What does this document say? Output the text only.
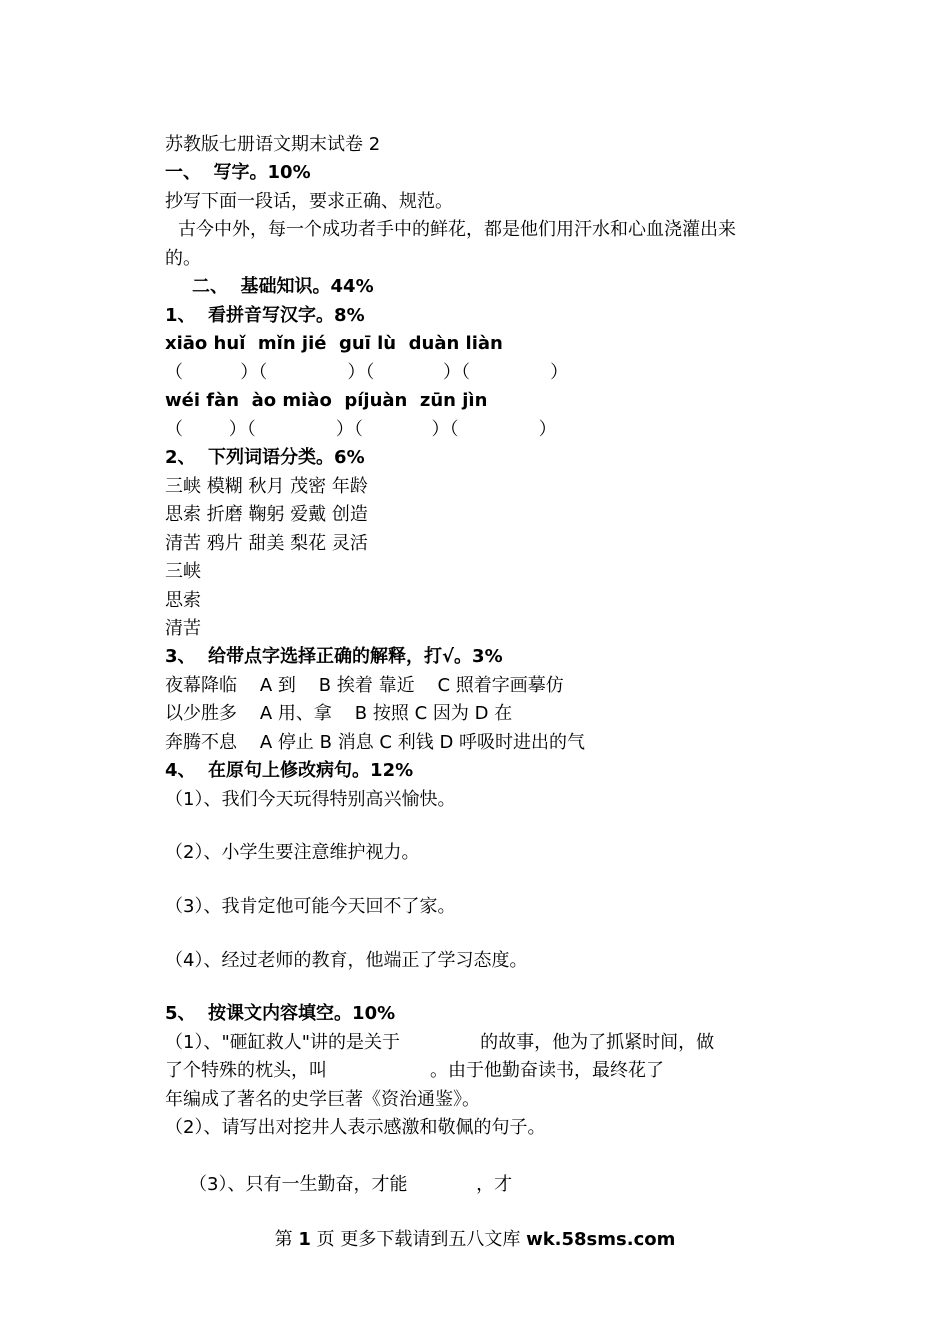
苏教版七册语文期末试卷 2

一、  写字。10%

抄写下面一段话，要求正确、规范。

古今中外，每一个成功者手中的鲜花，都是他们用汗水和心血浇灌出来

的。

二、  基础知识。44%

1、  看拼音写汉字。8%

xiāo huǐ  mǐn jié  guī lù  duàn liàn

（          ）（              ）（            ）（              ）

wéi fàn  ào miào  píjuàn  zūn jìn

（        ）（              ）（            ）（              ）

2、  下列词语分类。6%

三峡 模糊 秋月 茂密 年龄

思索 折磨 鞠躬 爱戴 创造

清苦 鸦片 甜美 梨花 灵活

三峡

思索

清苦

3、  给带点字选择正确的解释，打√。3%

夜幕降临    A 到    B 挨着 靠近    C 照着字画摹仿

以少胜多    A 用、拿    B 按照 C 因为 D 在

奔腾不息    A 停止 B 消息 C 利钱 D 呼吸时进出的气

4、  在原句上修改病句。12%

（1）、我们今天玩得特别高兴愉快。

（2）、小学生要注意维护视力。

（3）、我肯定他可能今天回不了家。

（4）、经过老师的教育，他端正了学习态度。

5、  按课文内容填空。10%

（1）、"砸缸救人"讲的是关于              的故事，他为了抓紧时间，做

了个特殊的枕头，叫                  。由于他勤奋读书，最终花了

年编成了著名的史学巨著《资治通鉴》。

（2）、请写出对挖井人表示感激和敬佩的句子。

（3）、只有一生勤奋，才能            ，才

第 1 页 更多下载请到五八文库 wk.58sms.com
